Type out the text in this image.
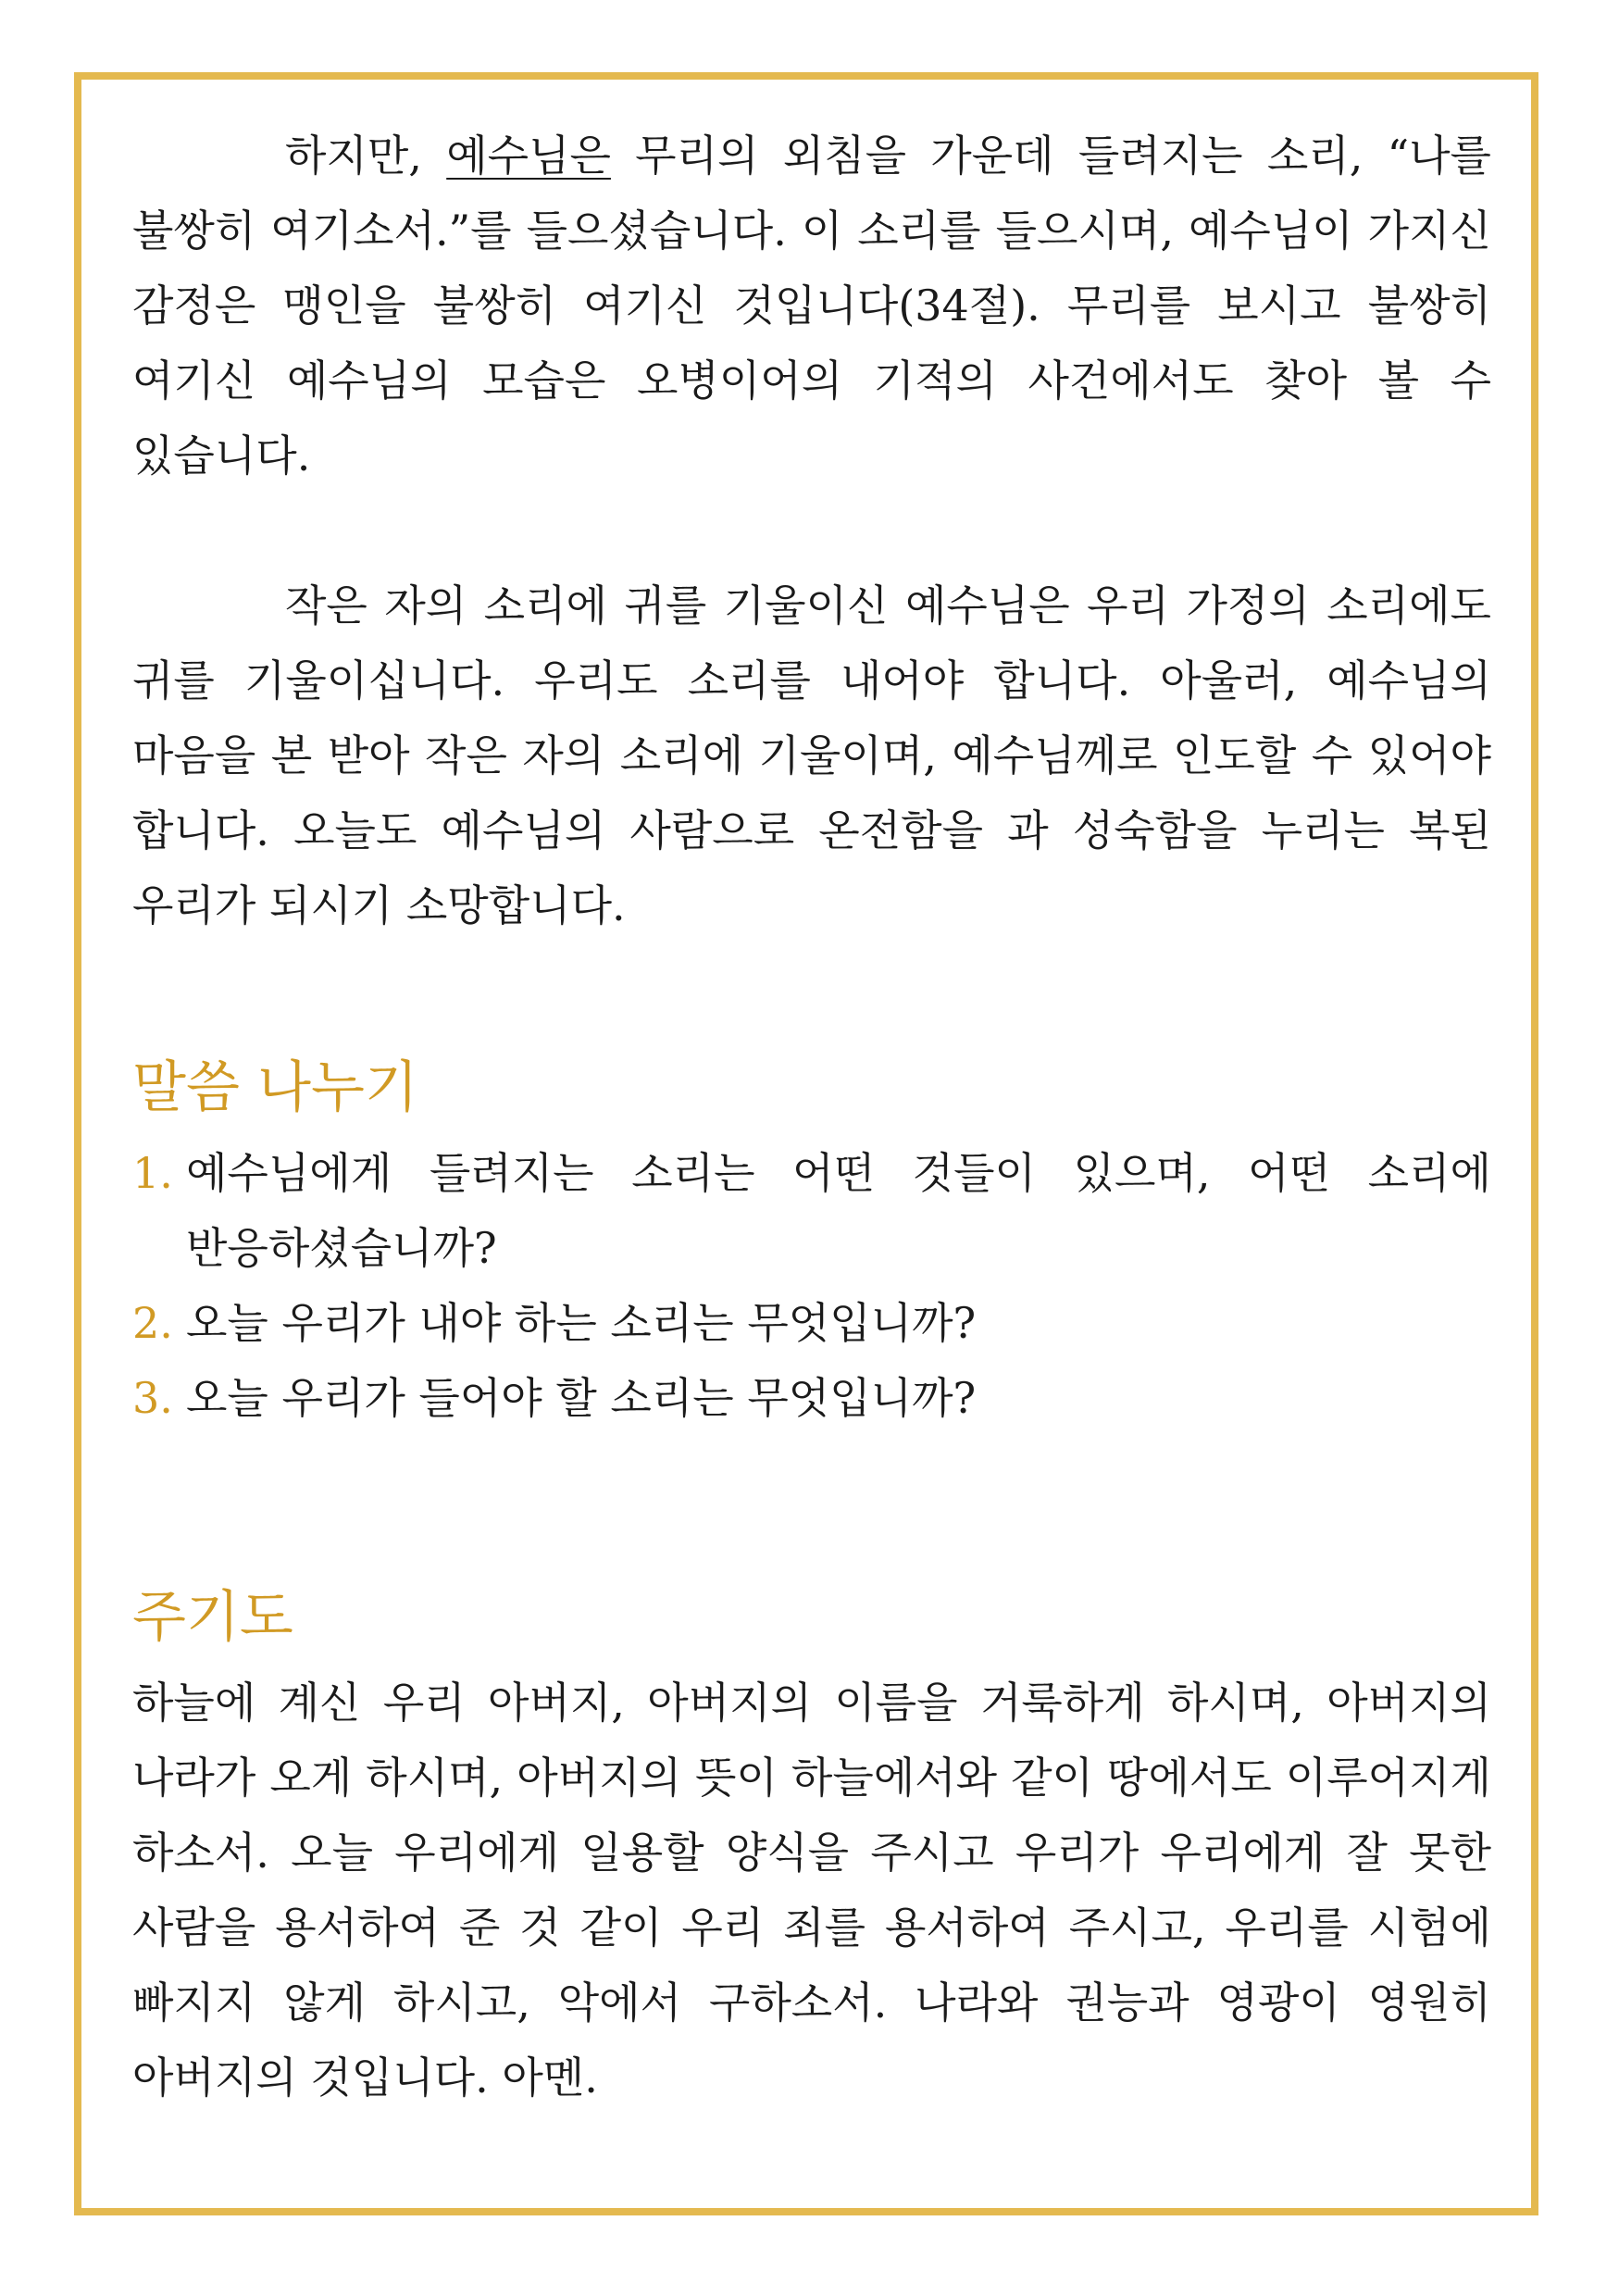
하지만, 예수님은 무리의 외침을 가운데 들려지는 소리, “나를 불쌍히 여기소서.”를 들으셨습니다. 이 소리를 들으시며, 예수님이 가지신 감정은 맹인을 불쌍히 여기신 것입니다(34절). 무리를 보시고 불쌍히 여기신 예수님의 모습은 오병이어의 기적의 사건에서도 찾아 볼 수 있습니다.

작은 자의 소리에 귀를 기울이신 예수님은 우리 가정의 소리에도 귀를 기울이십니다. 우리도 소리를 내어야 합니다. 아울러, 예수님의 마음을 본 받아 작은 자의 소리에 기울이며, 예수님께로 인도할 수 있어야 합니다. 오늘도 예수님의 사람으로 온전함을 과 성숙함을 누리는 복된 우리가 되시기 소망합니다.

말씀 나누기
1. 예수님에게 들려지는 소리는 어떤 것들이 있으며, 어떤 소리에 반응하셨습니까?
2. 오늘 우리가 내야 하는 소리는 무엇입니까?
3. 오늘 우리가 들어야 할 소리는 무엇입니까?
주기도

하늘에 계신 우리 아버지, 아버지의 이름을 거룩하게 하시며, 아버지의 나라가 오게 하시며, 아버지의 뜻이 하늘에서와 같이 땅에서도 이루어지게 하소서. 오늘 우리에게 일용할 양식을 주시고 우리가 우리에게 잘 못한 사람을 용서하여 준 것 같이 우리 죄를 용서하여 주시고, 우리를 시험에 빠지지 않게 하시고, 악에서 구하소서. 나라와 권능과 영광이 영원히 아버지의 것입니다. 아멘.
